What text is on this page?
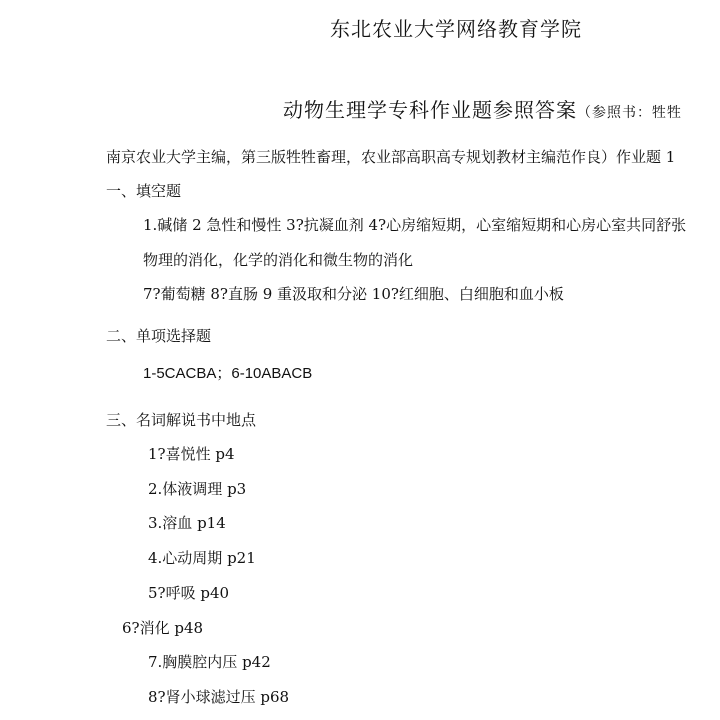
东北农业大学网络教育学院
动物生理学专科作业题参照答案（参照书：牲牲
南京农业大学主编，第三版牲牲畜理，农业部高职高专规划教材主编范作良）作业题 1
一、填空题
1.碱储 2 急性和慢性 3?抗凝血剂 4?心房缩短期，心室缩短期和心房心室共同舒张
物理的消化，化学的消化和微生物的消化
7?葡萄糖 8?直肠 9 重汲取和分泌 10?红细胞、白细胞和血小板
二、单项选择题
1-5CACBA；6-10ABACB
三、名词解说书中地点
1?喜悦性 p4
2.体液调理 p3
3.溶血 p14
4.心动周期 p21
5?呼吸 p40
6?消化 p48
7.胸膜腔内压 p42
8?肾小球滤过压 p68
